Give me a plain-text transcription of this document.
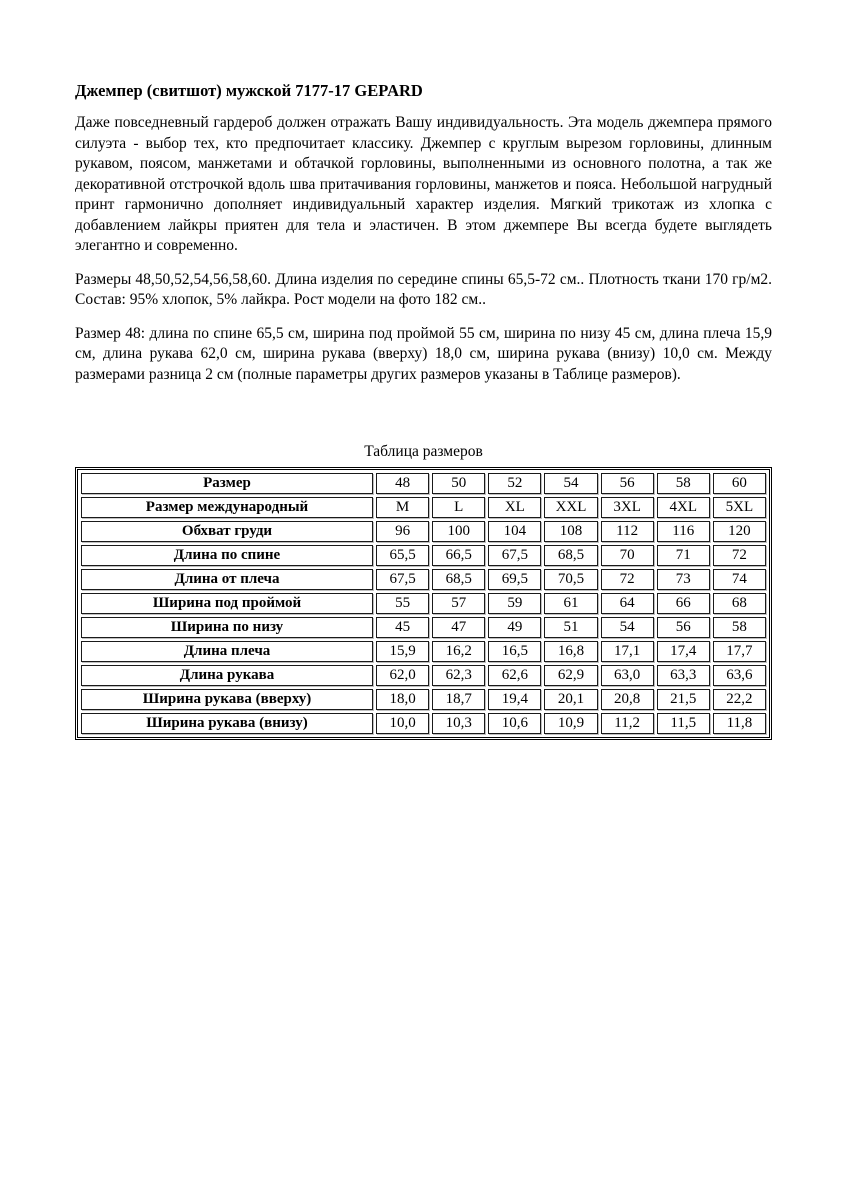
Джемпер (свитшот) мужской 7177-17 GEPARD

Даже повседневный гардероб должен отражать Вашу индивидуальность. Эта модель джемпера прямого силуэта - выбор тех, кто предпочитает классику. Джемпер с круглым вырезом горловины, длинным рукавом, поясом, манжетами и обтачкой горловины, выполненными из основного полотна, а так же декоративной отстрочкой вдоль шва притачивания горловины, манжетов и пояса. Небольшой нагрудный принт гармонично дополняет индивидуальный характер изделия. Мягкий трикотаж из хлопка с добавлением лайкры приятен для тела и эластичен. В этом джемпере Вы всегда будете выглядеть элегантно и современно.

Размеры 48,50,52,54,56,58,60. Длина изделия по середине спины 65,5-72 см.. Плотность ткани 170 гр/м2. Состав: 95% хлопок, 5% лайкра. Рост модели на фото 182 см..

Размер 48: длина по спине 65,5 см, ширина под проймой 55 см, ширина по низу 45 см, длина плеча 15,9 см, длина рукава 62,0 см, ширина рукава (вверху) 18,0 см, ширина рукава (внизу) 10,0 см. Между размерами разница 2 см (полные параметры других размеров указаны в Таблице размеров).

Таблица размеров
Размер	48	50	52	54	56	58	60
Размер международный	M	L	XL	XXL	3XL	4XL	5XL
Обхват груди	96	100	104	108	112	116	120
Длина по спине	65,5	66,5	67,5	68,5	70	71	72
Длина от плеча	67,5	68,5	69,5	70,5	72	73	74
Ширина под проймой	55	57	59	61	64	66	68
Ширина по низу	45	47	49	51	54	56	58
Длина плеча	15,9	16,2	16,5	16,8	17,1	17,4	17,7
Длина рукава	62,0	62,3	62,6	62,9	63,0	63,3	63,6
Ширина рукава (вверху)	18,0	18,7	19,4	20,1	20,8	21,5	22,2
Ширина рукава (внизу)	10,0	10,3	10,6	10,9	11,2	11,5	11,8
